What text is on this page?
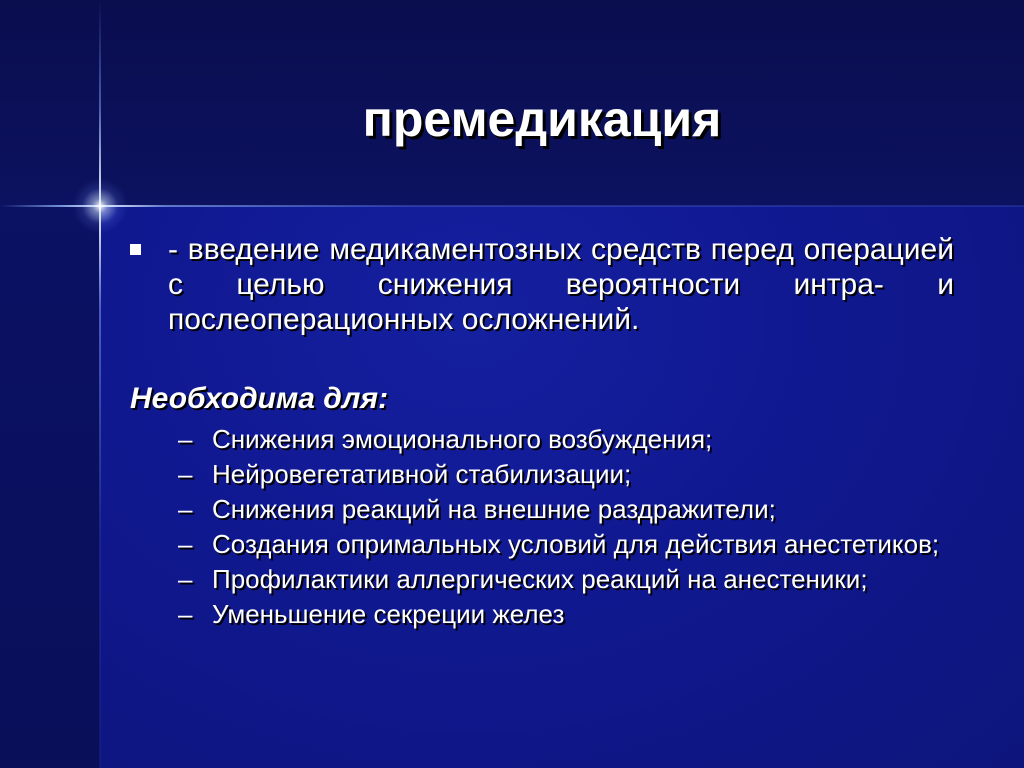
премедикация

- введение медикаментозных средств перед операцией с целью снижения вероятности интра- и послеоперационных осложнений.

Необходима для:
– Снижения эмоционального возбуждения;
– Нейровегетативной стабилизации;
– Снижения реакций на внешние раздражители;
– Создания опримальных условий для действия анестетиков;
– Профилактики аллергических реакций на анестеники;
– Уменьшение секреции желез
